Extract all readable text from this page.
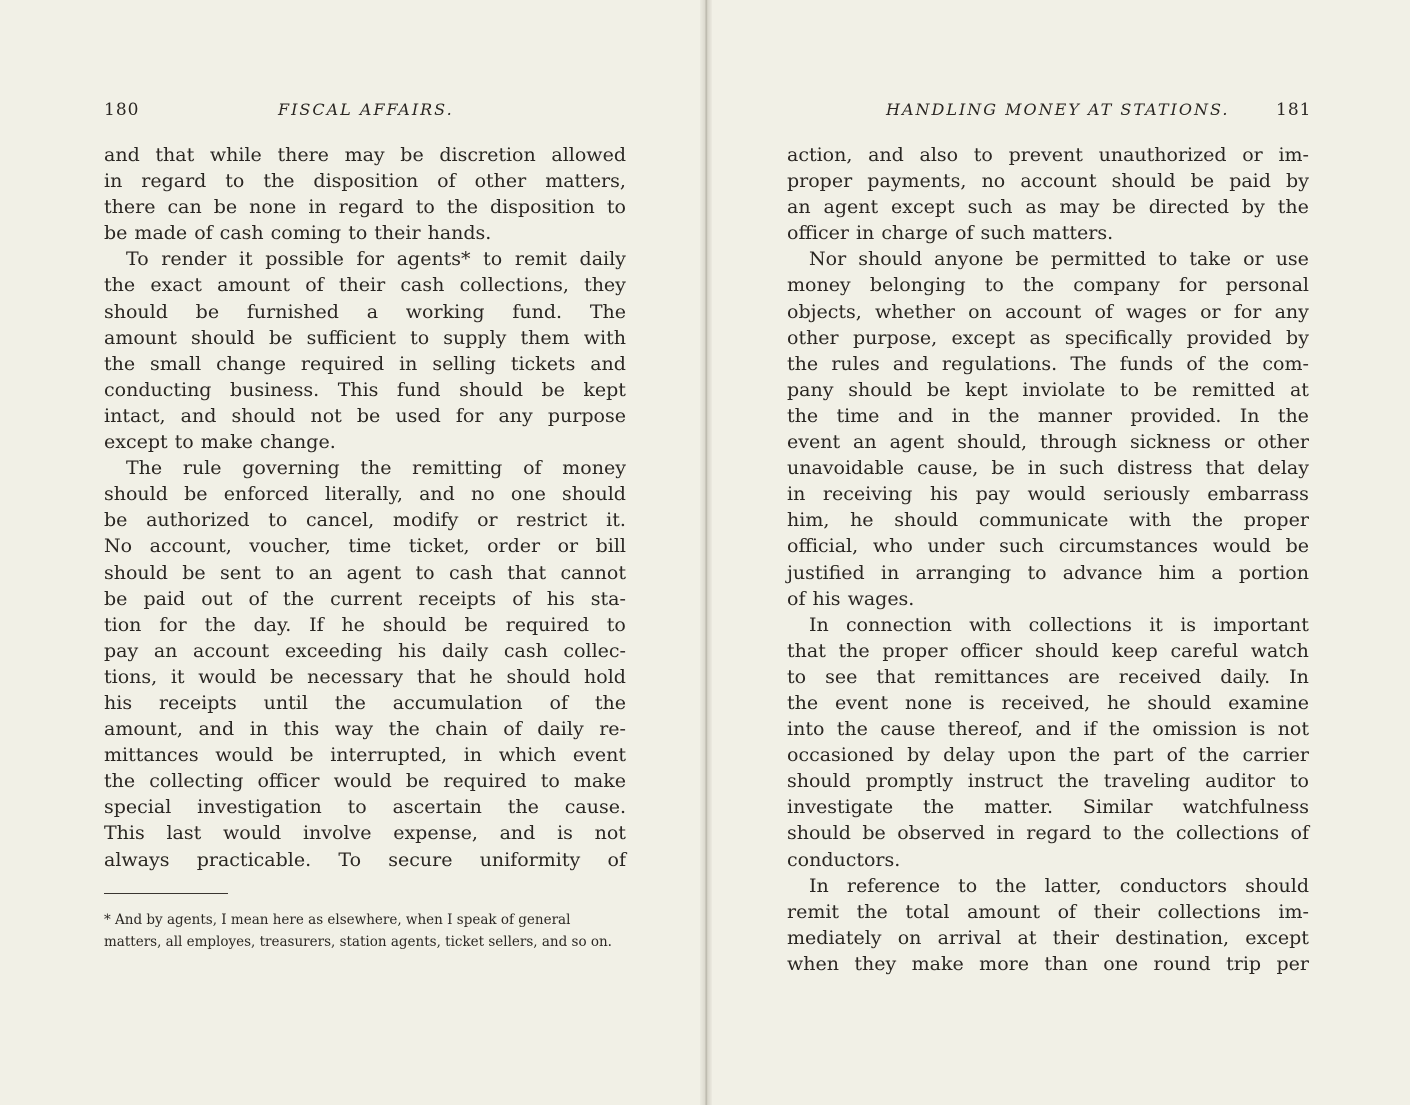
180	FISCAL AFFAIRS.
and that while there may be discretion allowed
in regard to the disposition of other matters,
there can be none in regard to the disposition to
be made of cash coming to their hands.
To render it possible for agents* to remit daily
the exact amount of their cash collections, they
should be furnished a working fund. The
amount should be sufficient to supply them with
the small change required in selling tickets and
conducting business. This fund should be kept
intact, and should not be used for any purpose
except to make change.
The rule governing the remitting of money
should be enforced literally, and no one should
be authorized to cancel, modify or restrict it.
No account, voucher, time ticket, order or bill
should be sent to an agent to cash that cannot
be paid out of the current receipts of his sta-
tion for the day. If he should be required to
pay an account exceeding his daily cash collec-
tions, it would be necessary that he should hold
his receipts until the accumulation of the
amount, and in this way the chain of daily re-
mittances would be interrupted, in which event
the collecting officer would be required to make
special investigation to ascertain the cause.
This last would involve expense, and is not
always practicable. To secure uniformity of
* And by agents, I mean here as elsewhere, when I speak of general matters, all employes, treasurers, station agents, ticket sellers, and so on.
HANDLING MONEY AT STATIONS.	181
action, and also to prevent unauthorized or im-
proper payments, no account should be paid by
an agent except such as may be directed by the
officer in charge of such matters.
Nor should anyone be permitted to take or use
money belonging to the company for personal
objects, whether on account of wages or for any
other purpose, except as specifically provided by
the rules and regulations. The funds of the com-
pany should be kept inviolate to be remitted at
the time and in the manner provided. In the
event an agent should, through sickness or other
unavoidable cause, be in such distress that delay
in receiving his pay would seriously embarrass
him, he should communicate with the proper
official, who under such circumstances would be
justified in arranging to advance him a portion
of his wages.
In connection with collections it is important
that the proper officer should keep careful watch
to see that remittances are received daily. In
the event none is received, he should examine
into the cause thereof, and if the omission is not
occasioned by delay upon the part of the carrier
should promptly instruct the traveling auditor to
investigate the matter. Similar watchfulness
should be observed in regard to the collections of
conductors.
In reference to the latter, conductors should
remit the total amount of their collections im-
mediately on arrival at their destination, except
when they make more than one round trip per
